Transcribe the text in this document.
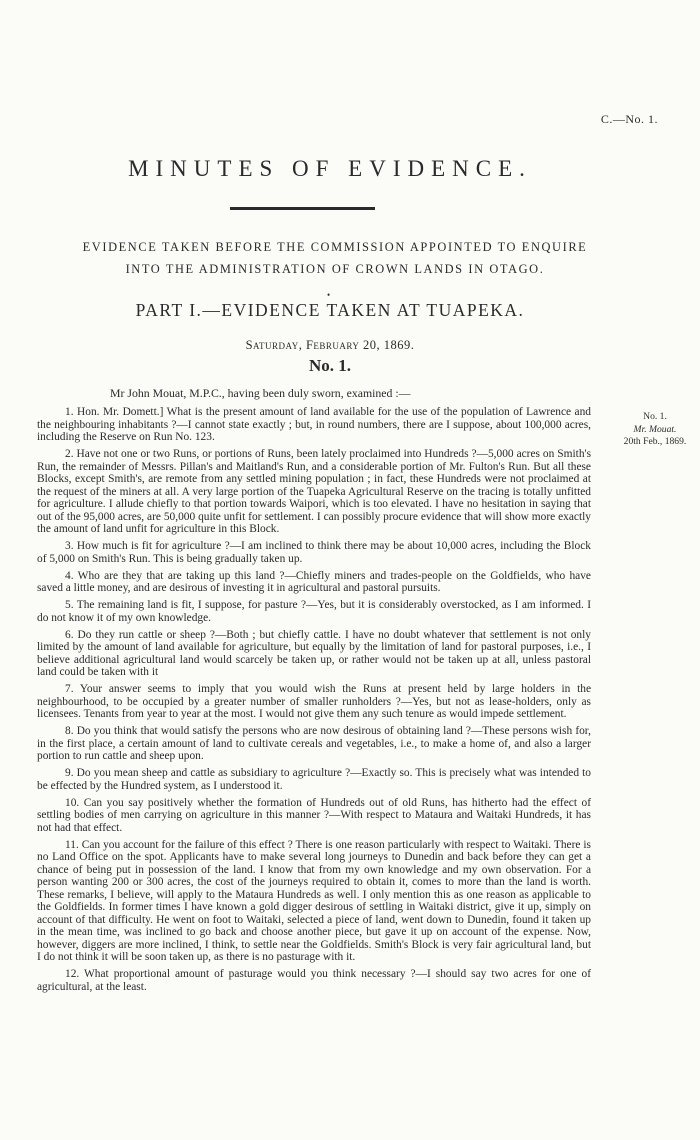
C.—No. 1.
MINUTES OF EVIDENCE.
EVIDENCE TAKEN BEFORE THE COMMISSION APPOINTED TO ENQUIRE
INTO THE ADMINISTRATION OF CROWN LANDS IN OTAGO.
•
PART I.—EVIDENCE TAKEN AT TUAPEKA.
Saturday, February 20, 1869.
No. 1.
Mr John Mouat, M.P.C., having been duly sworn, examined :—
No. 1.
Mr. Mouat.
20th Feb., 1869.

1. Hon. Mr. Domett.] What is the present amount of land available for the use of the population of Lawrence and the neighbouring inhabitants ?—I cannot state exactly ; but, in round numbers, there are I suppose, about 100,000 acres, including the Reserve on Run No. 123.

2. Have not one or two Runs, or portions of Runs, been lately proclaimed into Hundreds ?—5,000 acres on Smith's Run, the remainder of Messrs. Pillan's and Maitland's Run, and a considerable portion of Mr. Fulton's Run. But all these Blocks, except Smith's, are remote from any settled mining population ; in fact, these Hundreds were not proclaimed at the request of the miners at all. A very large portion of the Tuapeka Agricultural Reserve on the tracing is totally unfitted for agriculture. I allude chiefly to that portion towards Waipori, which is too elevated. I have no hesitation in saying that out of the 95,000 acres, are 50,000 quite unfit for settlement. I can possibly procure evidence that will show more exactly the amount of land unfit for agriculture in this Block.

3. How much is fit for agriculture ?—I am inclined to think there may be about 10,000 acres, including the Block of 5,000 on Smith's Run. This is being gradually taken up.

4. Who are they that are taking up this land ?—Chiefly miners and trades-people on the Goldfields, who have saved a little money, and are desirous of investing it in agricultural and pastoral pursuits.

5. The remaining land is fit, I suppose, for pasture ?—Yes, but it is considerably overstocked, as I am informed. I do not know it of my own knowledge.

6. Do they run cattle or sheep ?—Both ; but chiefly cattle. I have no doubt whatever that settlement is not only limited by the amount of land available for agriculture, but equally by the limitation of land for pastoral purposes, i.e., I believe additional agricultural land would scarcely be taken up, or rather would not be taken up at all, unless pastoral land could be taken with it

7. Your answer seems to imply that you would wish the Runs at present held by large holders in the neighbourhood, to be occupied by a greater number of smaller runholders ?—Yes, but not as lease-holders, only as licensees. Tenants from year to year at the most. I would not give them any such tenure as would impede settlement.

8. Do you think that would satisfy the persons who are now desirous of obtaining land ?—These persons wish for, in the first place, a certain amount of land to cultivate cereals and vegetables, i.e., to make a home of, and also a larger portion to run cattle and sheep upon.

9. Do you mean sheep and cattle as subsidiary to agriculture ?—Exactly so. This is precisely what was intended to be effected by the Hundred system, as I understood it.

10. Can you say positively whether the formation of Hundreds out of old Runs, has hitherto had the effect of settling bodies of men carrying on agriculture in this manner ?—With respect to Mataura and Waitaki Hundreds, it has not had that effect.

11. Can you account for the failure of this effect ? There is one reason particularly with respect to Waitaki. There is no Land Office on the spot. Applicants have to make several long journeys to Dunedin and back before they can get a chance of being put in possession of the land. I know that from my own knowledge and my own observation. For a person wanting 200 or 300 acres, the cost of the journeys required to obtain it, comes to more than the land is worth. These remarks, I believe, will apply to the Mataura Hundreds as well. I only mention this as one reason as applicable to the Goldfields. In former times I have known a gold digger desirous of settling in Waitaki district, give it up, simply on account of that difficulty. He went on foot to Waitaki, selected a piece of land, went down to Dunedin, found it taken up in the mean time, was inclined to go back and choose another piece, but gave it up on account of the expense. Now, however, diggers are more inclined, I think, to settle near the Goldfields. Smith's Block is very fair agricultural land, but I do not think it will be soon taken up, as there is no pasturage with it.

12. What proportional amount of pasturage would you think necessary ?—I should say two acres for one of agricultural, at the least.
